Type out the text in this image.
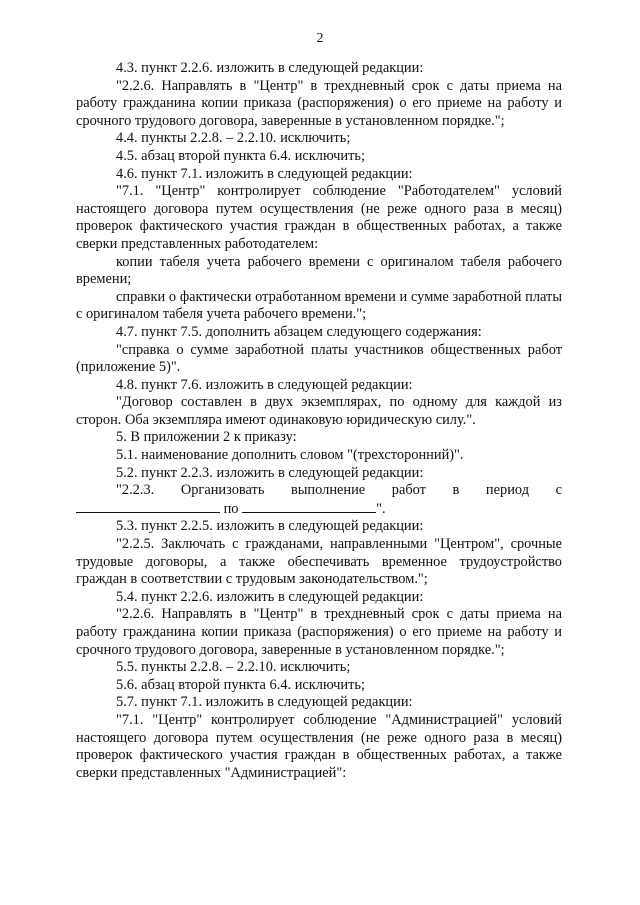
2

4.3. пункт 2.2.6. изложить в следующей редакции:

"2.2.6. Направлять в "Центр" в трехдневный срок с даты приема на работу гражданина копии приказа (распоряжения) о его приеме на работу и срочного трудового договора, заверенные в установленном порядке.";

4.4. пункты 2.2.8. – 2.2.10. исключить;

4.5. абзац второй пункта 6.4. исключить;

4.6. пункт 7.1. изложить в следующей редакции:

"7.1. "Центр" контролирует соблюдение "Работодателем" условий настоящего договора путем осуществления (не реже одного раза в месяц) проверок фактического участия граждан в общественных работах, а также сверки представленных работодателем:

копии табеля учета рабочего времени с оригиналом табеля рабочего времени;

справки о фактически отработанном времени и сумме заработной платы с оригиналом табеля учета рабочего времени.";

4.7. пункт 7.5. дополнить абзацем следующего содержания:

"справка о сумме заработной платы участников общественных работ (приложение 5)".

4.8. пункт 7.6. изложить в следующей редакции:

"Договор составлен в двух экземплярах, по одному для каждой из сторон. Оба экземпляра имеют одинаковую юридическую силу.".

5. В приложении 2 к приказу:

5.1. наименование дополнить словом "(трехсторонний)".

5.2. пункт 2.2.3. изложить в следующей редакции:

"2.2.3. Организовать выполнение работ в период с

по	".

5.3. пункт 2.2.5. изложить в следующей редакции:

"2.2.5. Заключать с гражданами, направленными "Центром", срочные трудовые договоры, а также обеспечивать временное трудоустройство граждан в соответствии с трудовым законодательством.";

5.4. пункт 2.2.6. изложить в следующей редакции:

"2.2.6. Направлять в "Центр" в трехдневный срок с даты приема на работу гражданина копии приказа (распоряжения) о его приеме на работу и срочного трудового договора, заверенные в установленном порядке.";

5.5. пункты 2.2.8. – 2.2.10. исключить;

5.6. абзац второй пункта 6.4. исключить;

5.7. пункт 7.1. изложить в следующей редакции:

"7.1. "Центр" контролирует соблюдение "Администрацией" условий настоящего договора путем осуществления (не реже одного раза в месяц) проверок фактического участия граждан в общественных работах, а также сверки представленных "Администрацией":
